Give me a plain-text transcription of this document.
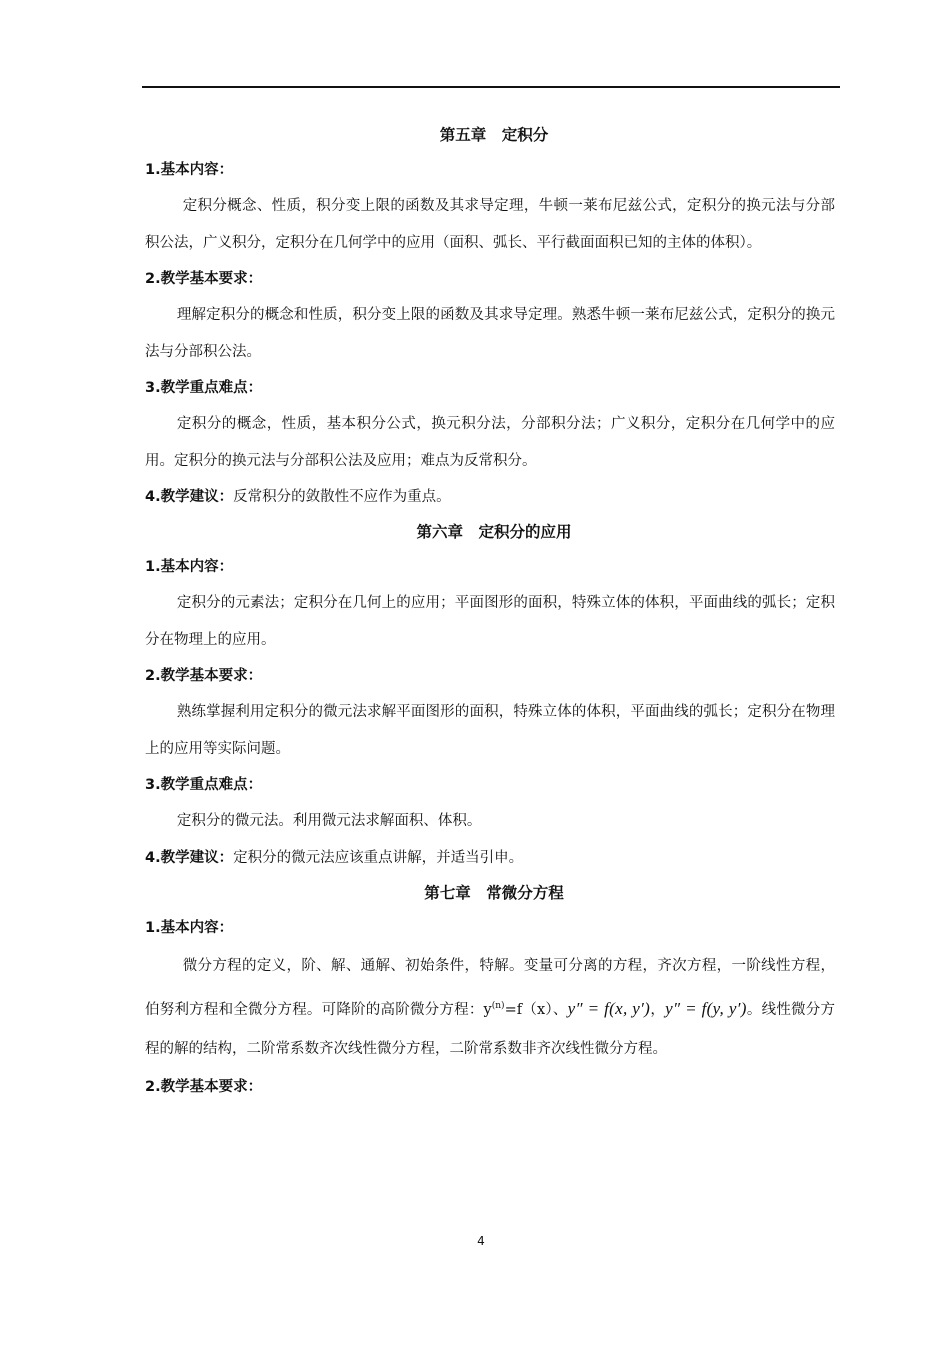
第五章　定积分

1.基本内容：

定积分概念、性质，积分变上限的函数及其求导定理，牛顿一莱布尼兹公式，定积分的换元法与分部积公法，广义积分，定积分在几何学中的应用（面积、弧长、平行截面面积已知的主体的体积）。

2.教学基本要求：

理解定积分的概念和性质，积分变上限的函数及其求导定理。熟悉牛顿一莱布尼兹公式，定积分的换元法与分部积公法。

3.教学重点难点：

定积分的概念，性质，基本积分公式，换元积分法，分部积分法；广义积分，定积分在几何学中的应用。定积分的换元法与分部积公法及应用；难点为反常积分。

4.教学建议：反常积分的敛散性不应作为重点。

第六章　定积分的应用

1.基本内容：

定积分的元素法；定积分在几何上的应用；平面图形的面积，特殊立体的体积，平面曲线的弧长；定积分在物理上的应用。

2.教学基本要求：

熟练掌握利用定积分的微元法求解平面图形的面积，特殊立体的体积，平面曲线的弧长；定积分在物理上的应用等实际问题。

3.教学重点难点：

定积分的微元法。利用微元法求解面积、体积。

4.教学建议：定积分的微元法应该重点讲解，并适当引申。

第七章　常微分方程

1.基本内容：

微分方程的定义，阶、解、通解、初始条件，特解。变量可分离的方程，齐次方程，一阶线性方程，伯努利方程和全微分方程。可降阶的高阶微分方程：$y^{(n)}=f(x)$、y″ = f(x, y′)，y″ = f(y, y′)。线性微分方程的解的结构，二阶常系数齐次线性微分方程，二阶常系数非齐次线性微分方程。

2.教学基本要求：

4
